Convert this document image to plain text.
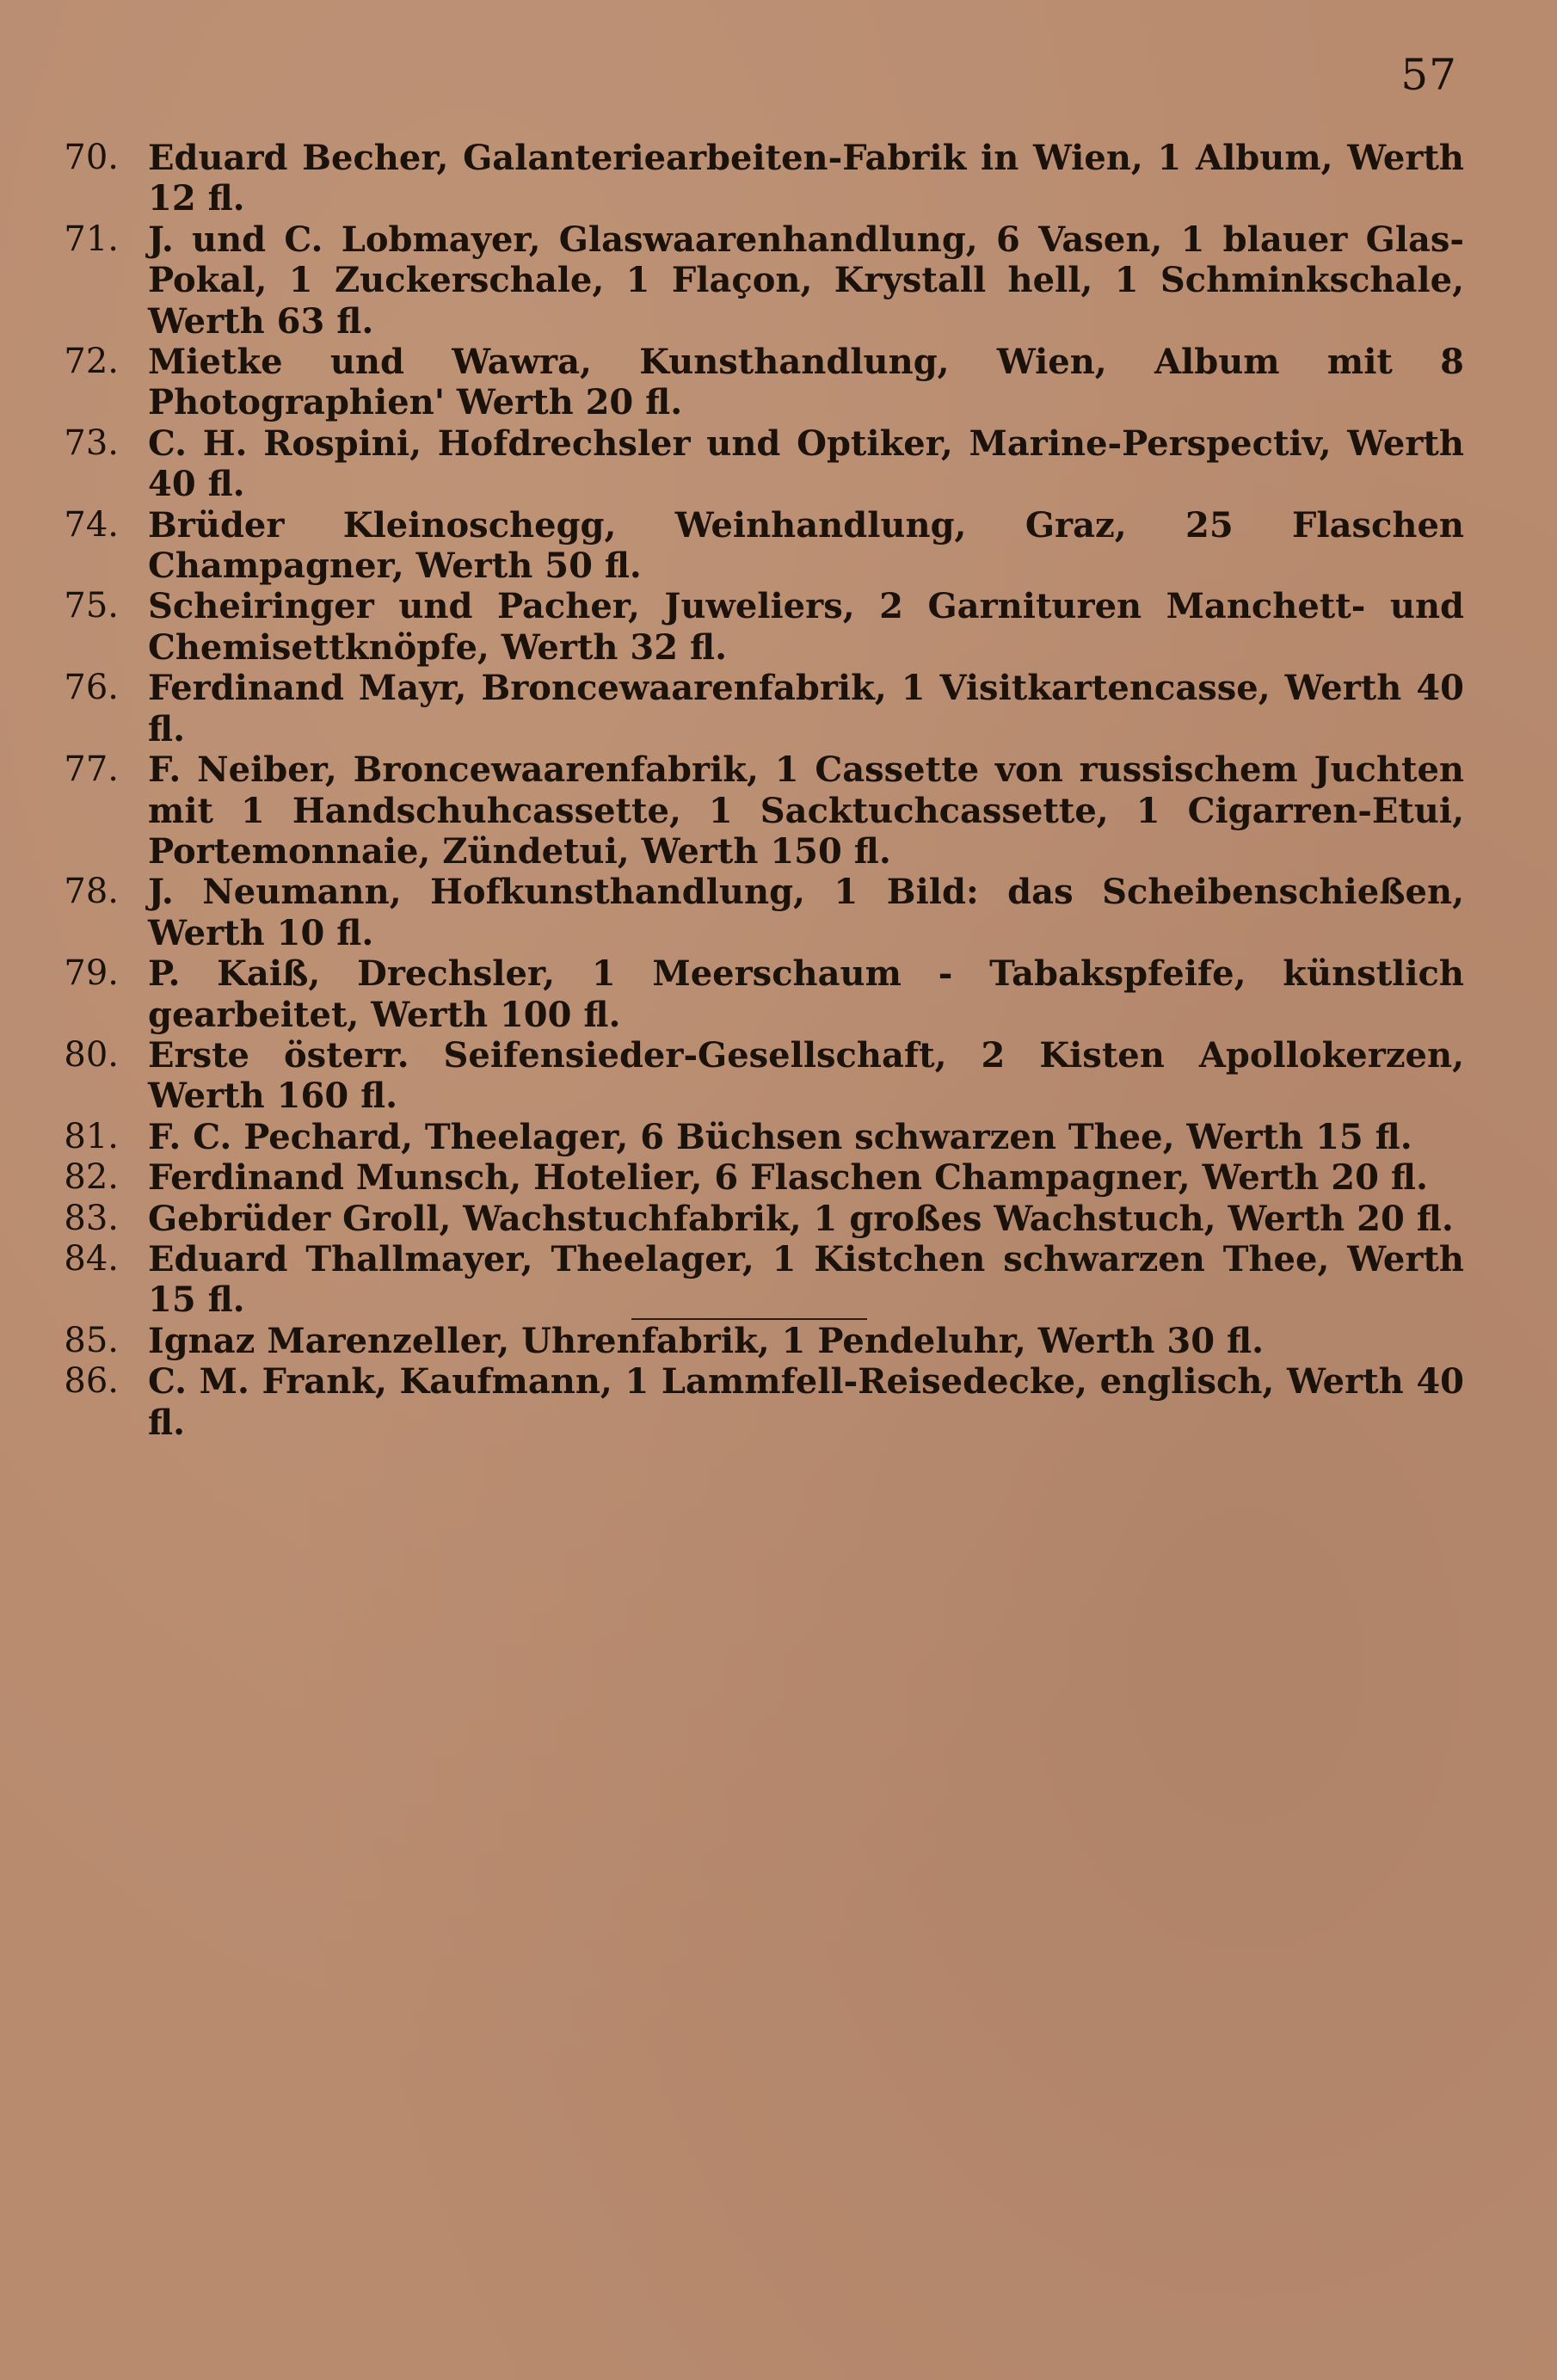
57
70. Eduard Becher, Galanteriearbeiten-Fabrik in Wien, 1 Album, Werth 12 fl.
71. J. und C. Lobmayer, Glaswaarenhandlung, 6 Vasen, 1 blauer Glas-Pokal, 1 Zuckerschale, 1 Flaçon, Krystall hell, 1 Schminkschale, Werth 63 fl.
72. Mietke und Wawra, Kunsthandlung, Wien, Album mit 8 Photographien' Werth 20 fl.
73. C. H. Rospini, Hofdrechsler und Optiker, Marine-Perspectiv, Werth 40 fl.
74. Brüder Kleinoschegg, Weinhandlung, Graz, 25 Flaschen Champagner, Werth 50 fl.
75. Scheiringer und Pacher, Juweliers, 2 Garnituren Manchett- und Chemisettknöpfe, Werth 32 fl.
76. Ferdinand Mayr, Broncewaarenfabrik, 1 Visitkartencasse, Werth 40 fl.
77. F. Neiber, Broncewaarenfabrik, 1 Cassette von russischem Juchten mit 1 Handschuhcassette, 1 Sacktuchcassette, 1 Cigarren-Etui, Portemonnaie, Zündetui, Werth 150 fl.
78. J. Neumann, Hofkunsthandlung, 1 Bild: das Scheibenschießen, Werth 10 fl.
79. P. Kaiß, Drechsler, 1 Meerschaum - Tabakspfeife, künstlich gearbeitet, Werth 100 fl.
80. Erste österr. Seifensieder-Gesellschaft, 2 Kisten Apollokerzen, Werth 160 fl.
81. F. C. Pechard, Theelager, 6 Büchsen schwarzen Thee, Werth 15 fl.
82. Ferdinand Munsch, Hotelier, 6 Flaschen Champagner, Werth 20 fl.
83. Gebrüder Groll, Wachstuchfabrik, 1 großes Wachstuch, Werth 20 fl.
84. Eduard Thallmayer, Theelager, 1 Kistchen schwarzen Thee, Werth 15 fl.
85. Ignaz Marenzeller, Uhrenfabrik, 1 Pendeluhr, Werth 30 fl.
86. C. M. Frank, Kaufmann, 1 Lammfell-Reisedecke, englisch, Werth 40 fl.
